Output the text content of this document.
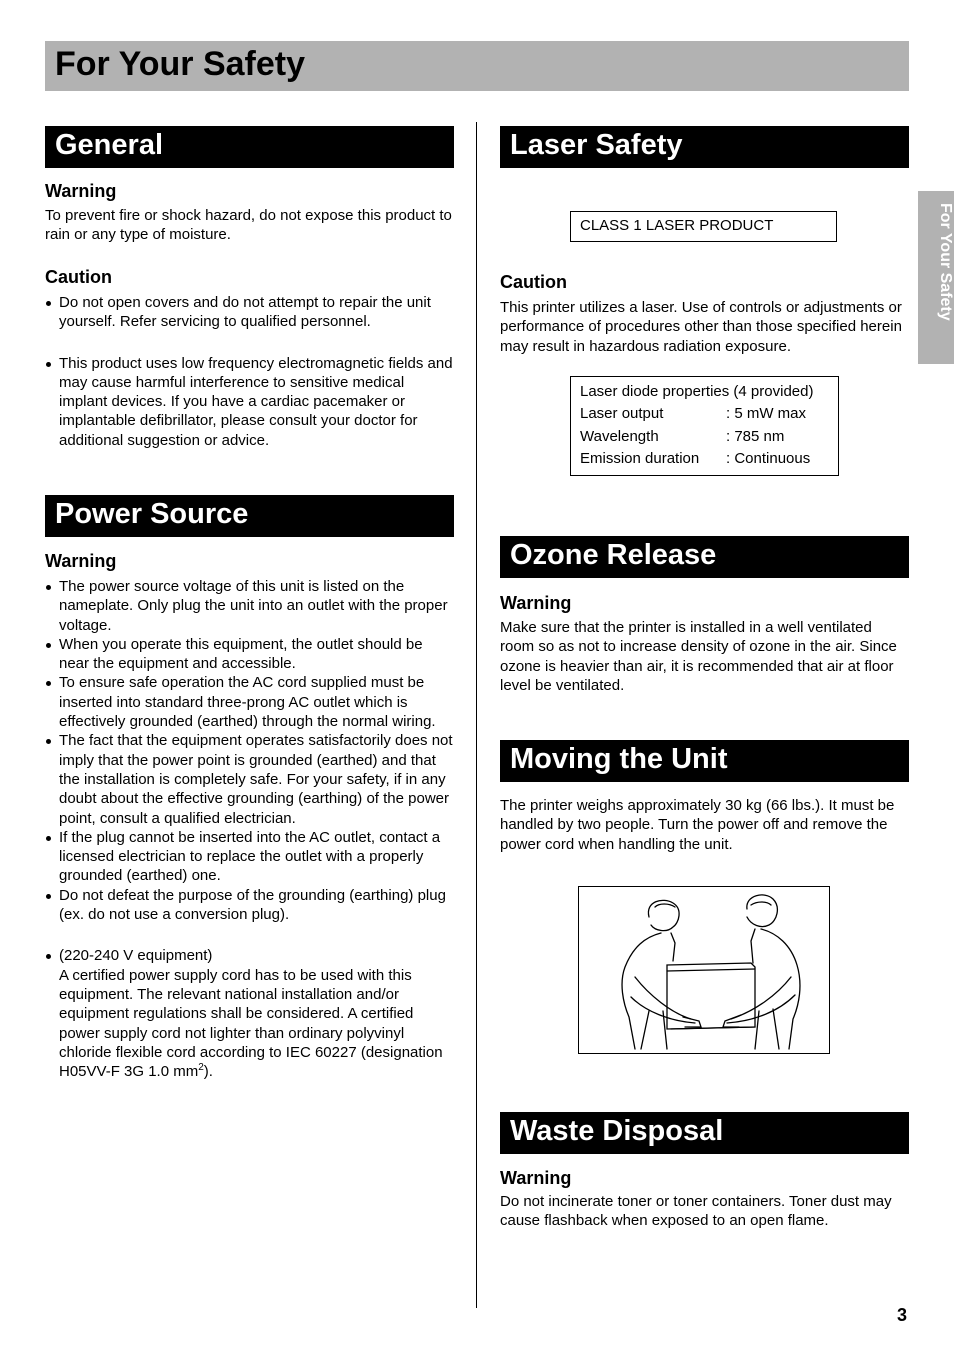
For Your Safety
For Your Safety
General
Warning

To prevent fire or shock hazard, do not expose this product to rain or any type of moisture.

Caution
Do not open covers and do not attempt to repair the unit yourself. Refer servicing to qualified personnel.
This product uses low frequency electromagnetic fields and may cause harmful interference to sensitive medical implant devices. If you have a cardiac pacemaker or implantable defibrillator, please consult your doctor for additional suggestion or advice.
Power Source
Warning
The power source voltage of this unit is listed on the nameplate. Only plug the unit into an outlet with the proper voltage.
When you operate this equipment, the outlet should be near the equipment and accessible.
To ensure safe operation the AC cord supplied must be inserted into standard three-prong AC outlet which is effectively grounded (earthed) through the normal wiring.
The fact that the equipment operates satisfactorily does not imply that the power point is grounded (earthed) and that the installation is completely safe. For your safety, if in any doubt about the effective grounding (earthing) of the power point, consult a qualified electrician.
If the plug cannot be inserted into the AC outlet, contact a licensed electrician to replace the outlet with a properly grounded (earthed) one.
Do not defeat the purpose of the grounding (earthing) plug (ex. do not use a conversion plug).
(220-240 V equipment)
A certified power supply cord has to be used with this equipment. The relevant national installation and/or equipment regulations shall be considered. A certified power supply cord not lighter than ordinary polyvinyl chloride flexible cord according to IEC 60227 (designation H05VV-F 3G 1.0 $mm^2$).
Laser Safety
CLASS 1 LASER PRODUCT
Caution

This printer utilizes a laser. Use of controls or adjustments or performance of procedures other than those specified herein may result in hazardous radiation exposure.

Laser diode properties (4 provided)
Laser output	: 5 mW max
Wavelength	: 785 nm
Emission duration : Continuous
Ozone Release
Warning

Make sure that the printer is installed in a well ventilated room so as not to increase density of ozone in the air. Since ozone is heavier than air, it is recommended that air at floor level be ventilated.

Moving the Unit

The printer weighs approximately 30 kg (66 lbs.). It must be handled by two people. Turn the power off and remove the power cord when handling the unit.

Waste Disposal
Warning

Do not incinerate toner or toner containers. Toner dust may cause flashback when exposed to an open flame.

3
